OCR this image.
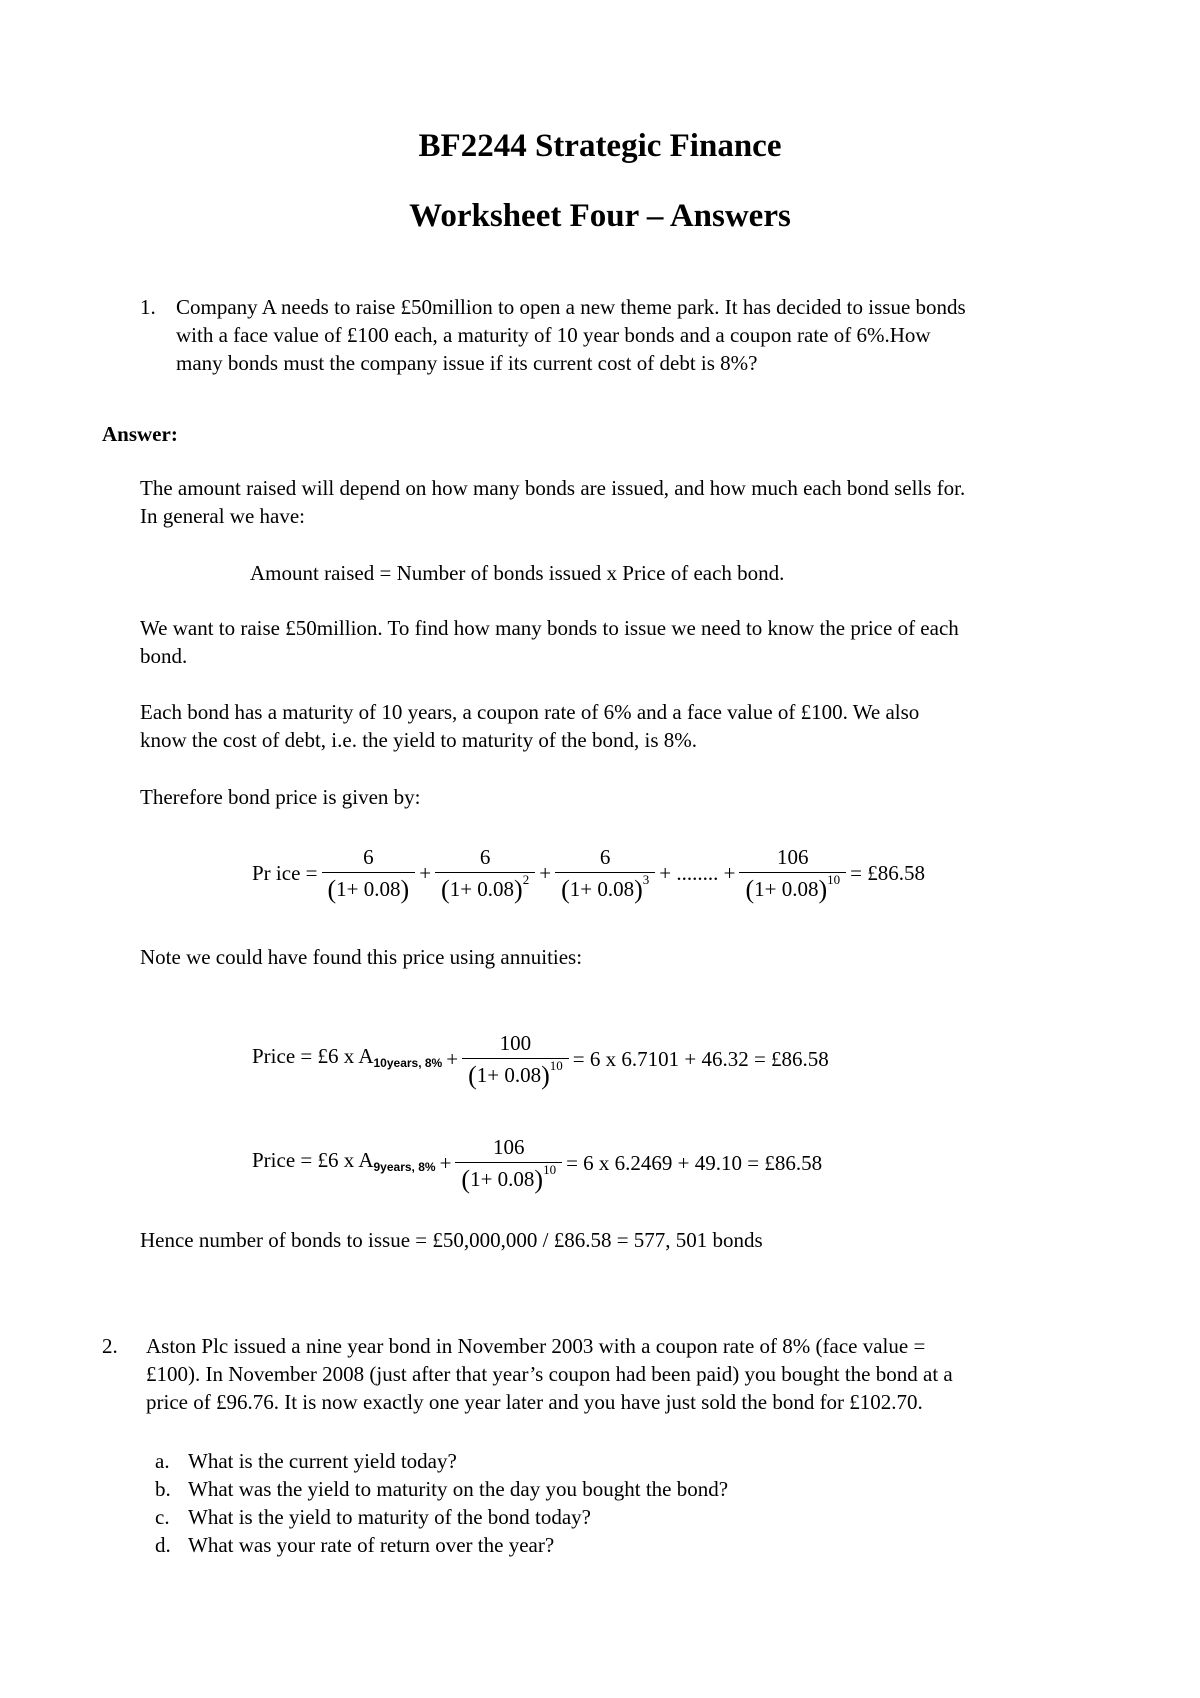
BF2244 Strategic Finance
Worksheet Four – Answers
1. Company A needs to raise £50million to open a new theme park. It has decided to issue bonds
with a face value of £100 each, a maturity of 10 year bonds and a coupon rate of 6%.How
many bonds must the company issue if its current cost of debt is 8%?
Answer:
The amount raised will depend on how many bonds are issued, and how much each bond sells for.
In general we have:
Amount raised = Number of bonds issued x Price of each bond.
We want to raise £50million. To find how many bonds to issue we need to know the price of each
bond.
Each bond has a maturity of 10 years, a coupon rate of 6% and a face value of £100. We also
know the cost of debt, i.e. the yield to maturity of the bond, is 8%.
Therefore bond price is given by:
Pr ice = $\frac{6}{(1+ 0.08)} + \frac{6}{(1+ 0.08)^2} + \frac{6}{(1+ 0.08)^3}$ + ........ + $\frac{106}{(1+ 0.08)^{10}}$ = £86.58
Note we could have found this price using annuities:
Price = £6 x A10years, $8\% + \frac{100}{(1+ 0.08)^{10}} = 6$ x 6.7101 + 46.32 = £86.58
Price = £6 x A9years, $8\% + \frac{106}{(1+ 0.08)^{10}} = 6$ x 6.2469 + 49.10 = £86.58
Hence number of bonds to issue = £50,000,000 / £86.58 = 577, 501 bonds
2. Aston Plc issued a nine year bond in November 2003 with a coupon rate of 8% (face value =
£100). In November 2008 (just after that year’s coupon had been paid) you bought the bond at a
price of £96.76. It is now exactly one year later and you have just sold the bond for £102.70.
a. What is the current yield today?
b. What was the yield to maturity on the day you bought the bond?
c. What is the yield to maturity of the bond today?
d. What was your rate of return over the year?
